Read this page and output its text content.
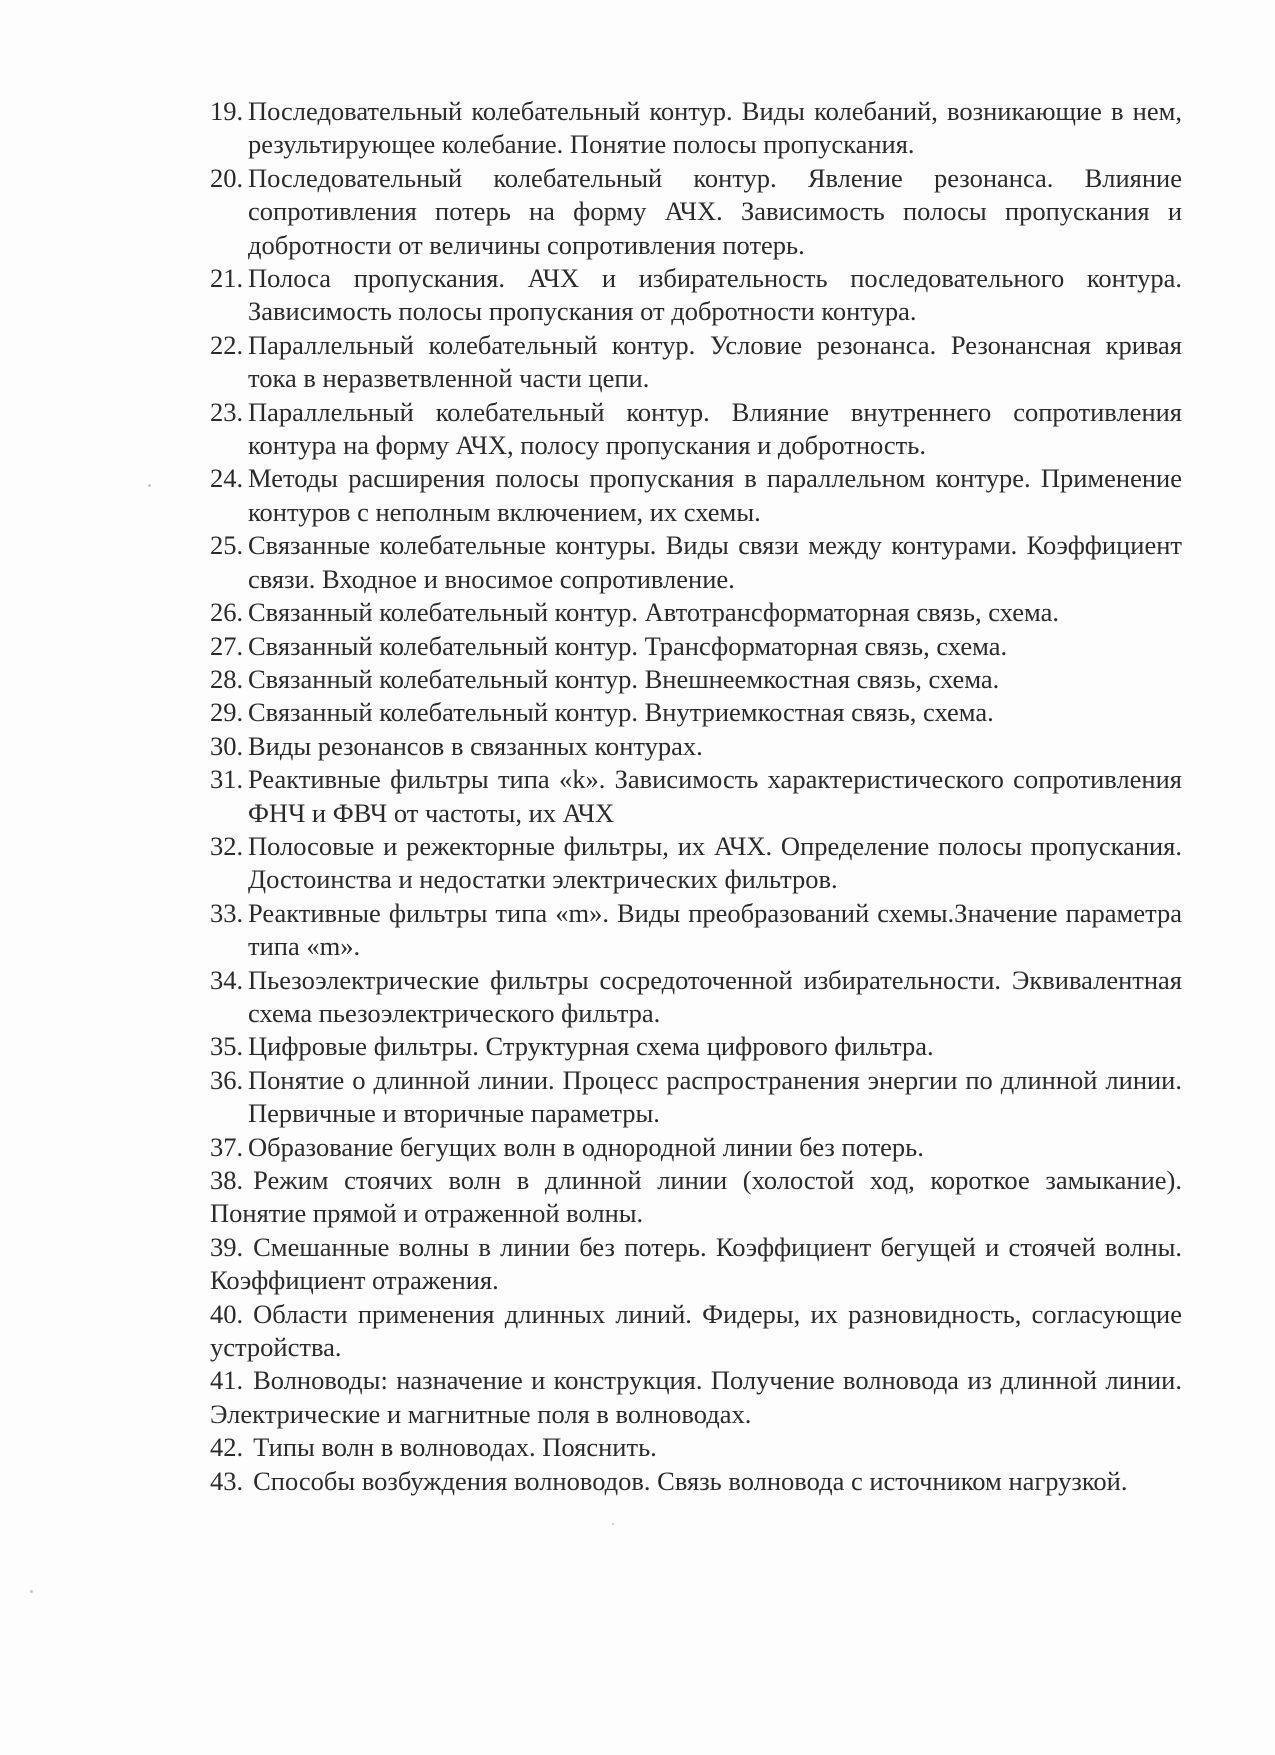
19. Последовательный колебательный контур. Виды колебаний, возникающие в нем, результирующее колебание. Понятие полосы пропускания.
20. Последовательный колебательный контур. Явление резонанса. Влияние сопротивления потерь на форму АЧХ. Зависимость полосы пропускания и добротности от величины сопротивления потерь.
21. Полоса пропускания. АЧХ и избирательность последовательного контура. Зависимость полосы пропускания от добротности контура.
22. Параллельный колебательный контур. Условие резонанса. Резонансная кривая тока в неразветвленной части цепи.
23. Параллельный колебательный контур. Влияние внутреннего сопротивления контура на форму АЧХ, полосу пропускания и добротность.
24. Методы расширения полосы пропускания в параллельном контуре. Применение контуров с неполным включением, их схемы.
25. Связанные колебательные контуры. Виды связи между контурами. Коэффициент связи. Входное и вносимое сопротивление.
26. Связанный колебательный контур. Автотрансформаторная связь, схема.
27. Связанный колебательный контур. Трансформаторная связь, схема.
28. Связанный колебательный контур. Внешнеемкостная связь, схема.
29. Связанный колебательный контур. Внутриемкостная связь, схема.
30. Виды резонансов в связанных контурах.
31. Реактивные фильтры типа «k». Зависимость характеристического сопротивления ФНЧ и ФВЧ от частоты, их АЧХ
32. Полосовые и режекторные фильтры, их АЧХ. Определение полосы пропускания. Достоинства и недостатки электрических фильтров.
33. Реактивные фильтры типа «m». Виды преобразований схемы.Значение параметра типа «m».
34. Пьезоэлектрические фильтры сосредоточенной избирательности. Эквивалентная схема пьезоэлектрического фильтра.
35. Цифровые фильтры. Структурная схема цифрового фильтра.
36. Понятие о длинной линии. Процесс распространения энергии по длинной линии. Первичные и вторичные параметры.
37. Образование бегущих волн в однородной линии без потерь.
38. Режим стоячих волн в длинной линии (холостой ход, короткое замыкание). Понятие прямой и отраженной волны.
39. Смешанные волны в линии без потерь. Коэффициент бегущей и стоячей волны. Коэффициент отражения.
40. Области применения длинных линий. Фидеры, их разновидность, согласующие устройства.
41. Волноводы: назначение и конструкция. Получение волновода из длинной линии. Электрические и магнитные поля в волноводах.
42. Типы волн в волноводах. Пояснить.
43. Способы возбуждения волноводов. Связь волновода с источником нагрузкой.
